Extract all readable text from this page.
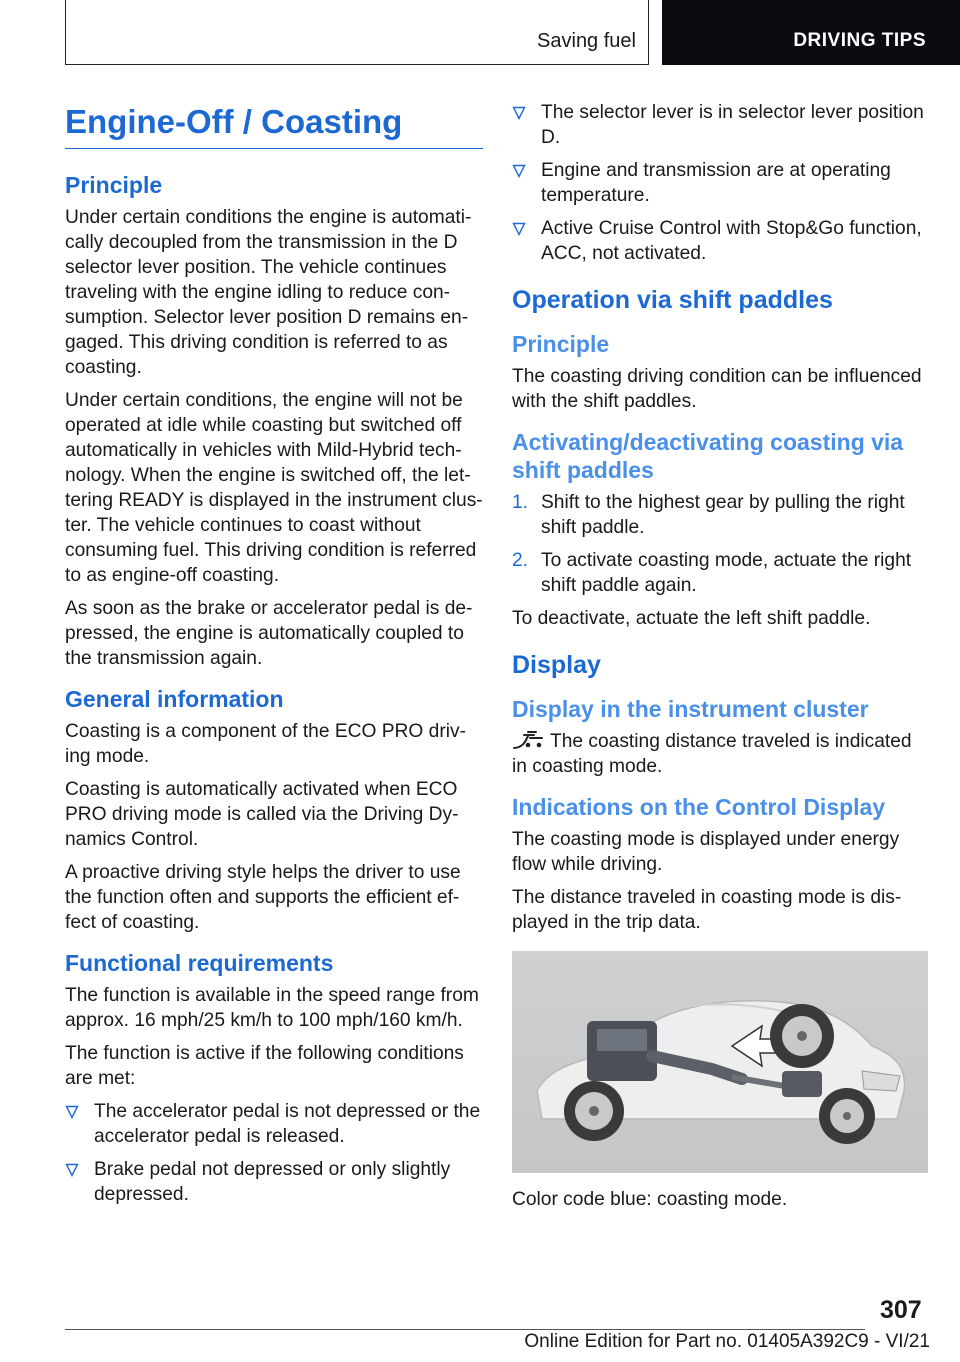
Saving fuel	DRIVING TIPS
Engine-Off / Coasting
Principle

Under certain conditions the engine is automati-cally decoupled from the transmission in the D selector lever position. The vehicle continues traveling with the engine idling to reduce con-sumption. Selector lever position D remains en-gaged. This driving condition is referred to as coasting.

Under certain conditions, the engine will not be operated at idle while coasting but switched off automatically in vehicles with Mild-Hybrid tech-nology. When the engine is switched off, the let-tering READY is displayed in the instrument clus-ter. The vehicle continues to coast without consuming fuel. This driving condition is referred to as engine-off coasting.

As soon as the brake or accelerator pedal is de-pressed, the engine is automatically coupled to the transmission again.

General information

Coasting is a component of the ECO PRO driv-ing mode.

Coasting is automatically activated when ECO PRO driving mode is called via the Driving Dy-namics Control.

A proactive driving style helps the driver to use the function often and supports the efficient ef-fect of coasting.

Functional requirements

The function is available in the speed range from approx. 16 mph/25 km/h to 100 mph/160 km/h.

The function is active if the following conditions are met:

The accelerator pedal is not depressed or the accelerator pedal is released.
Brake pedal not depressed or only slightly depressed.
The selector lever is in selector lever position D.
Engine and transmission are at operating temperature.
Active Cruise Control with Stop&Go function, ACC, not activated.
Operation via shift paddles
Principle

The coasting driving condition can be influenced with the shift paddles.

Activating/deactivating coasting via shift paddles
1. Shift to the highest gear by pulling the right shift paddle.
2. To activate coasting mode, actuate the right shift paddle again.

To deactivate, actuate the left shift paddle.

Display
Display in the instrument cluster

The coasting distance traveled is indicated in coasting mode.

Indications on the Control Display

The coasting mode is displayed under energy flow while driving.

The distance traveled in coasting mode is dis-played in the trip data.

Color code blue: coasting mode.

307
Online Edition for Part no. 01405A392C9 - VI/21
